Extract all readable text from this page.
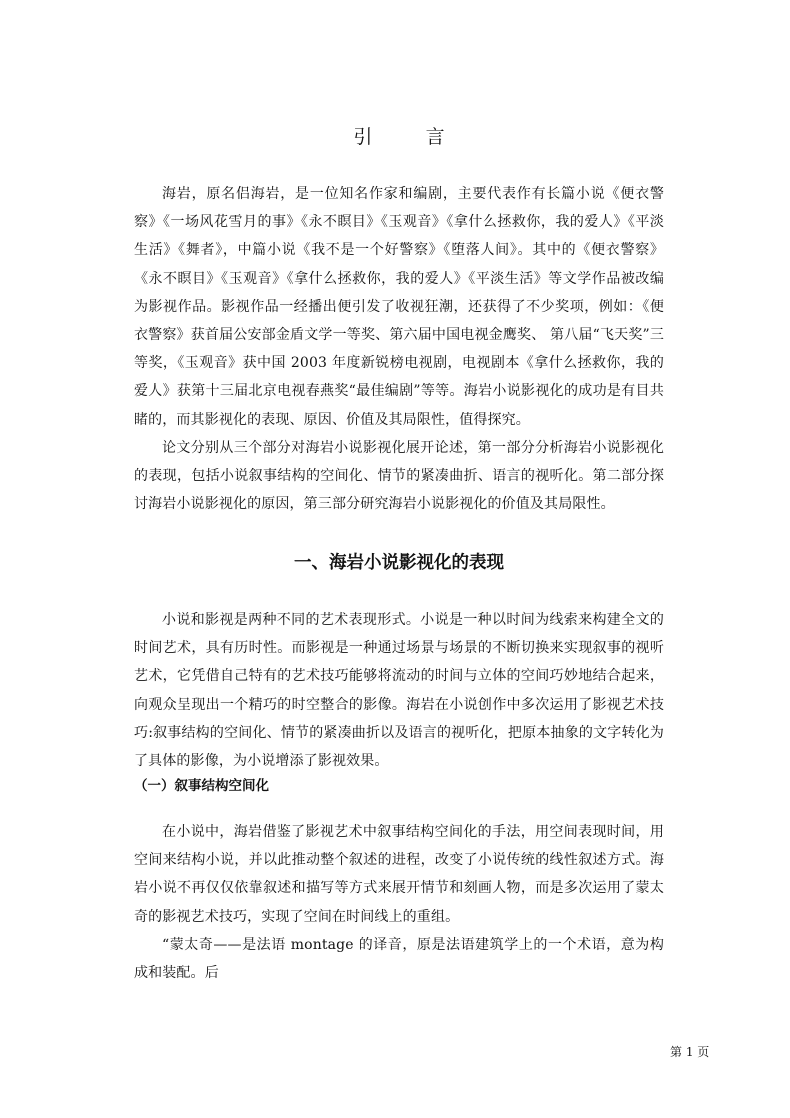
引　言

海岩，原名侣海岩，是一位知名作家和编剧，主要代表作有长篇小说《便衣警察》《一场风花雪月的事》《永不瞑目》《玉观音》《拿什么拯救你，我的爱人》《平淡生活》《舞者》，中篇小说《我不是一个好警察》《堕落人间》。其中的《便衣警察》《永不瞑目》《玉观音》《拿什么拯救你，我的爱人》《平淡生活》等文学作品被改编为影视作品。影视作品一经播出便引发了收视狂潮，还获得了不少奖项，例如：《便衣警察》获首届公安部金盾文学一等奖、第六届中国电视金鹰奖、 第八届“飞天奖”三等奖，《玉观音》获中国 2003 年度新锐榜电视剧，电视剧本《拿什么拯救你，我的爱人》获第十三届北京电视春燕奖“最佳编剧”等等。海岩小说影视化的成功是有目共睹的，而其影视化的表现、原因、价值及其局限性，值得探究。

论文分别从三个部分对海岩小说影视化展开论述，第一部分分析海岩小说影视化的表现，包括小说叙事结构的空间化、情节的紧凑曲折、语言的视听化。第二部分探讨海岩小说影视化的原因，第三部分研究海岩小说影视化的价值及其局限性。

一、海岩小说影视化的表现

小说和影视是两种不同的艺术表现形式。小说是一种以时间为线索来构建全文的时间艺术，具有历时性。而影视是一种通过场景与场景的不断切换来实现叙事的视听艺术，它凭借自己特有的艺术技巧能够将流动的时间与立体的空间巧妙地结合起来，向观众呈现出一个精巧的时空整合的影像。海岩在小说创作中多次运用了影视艺术技巧:叙事结构的空间化、情节的紧凑曲折以及语言的视听化，把原本抽象的文字转化为了具体的影像，为小说增添了影视效果。

（一）叙事结构空间化

在小说中，海岩借鉴了影视艺术中叙事结构空间化的手法，用空间表现时间，用空间来结构小说，并以此推动整个叙述的进程，改变了小说传统的线性叙述方式。海岩小说不再仅仅依靠叙述和描写等方式来展开情节和刻画人物，而是多次运用了蒙太奇的影视艺术技巧，实现了空间在时间线上的重组。

“蒙太奇——是法语 montage 的译音，原是法语建筑学上的一个术语，意为构成和装配。后

第 1 页
